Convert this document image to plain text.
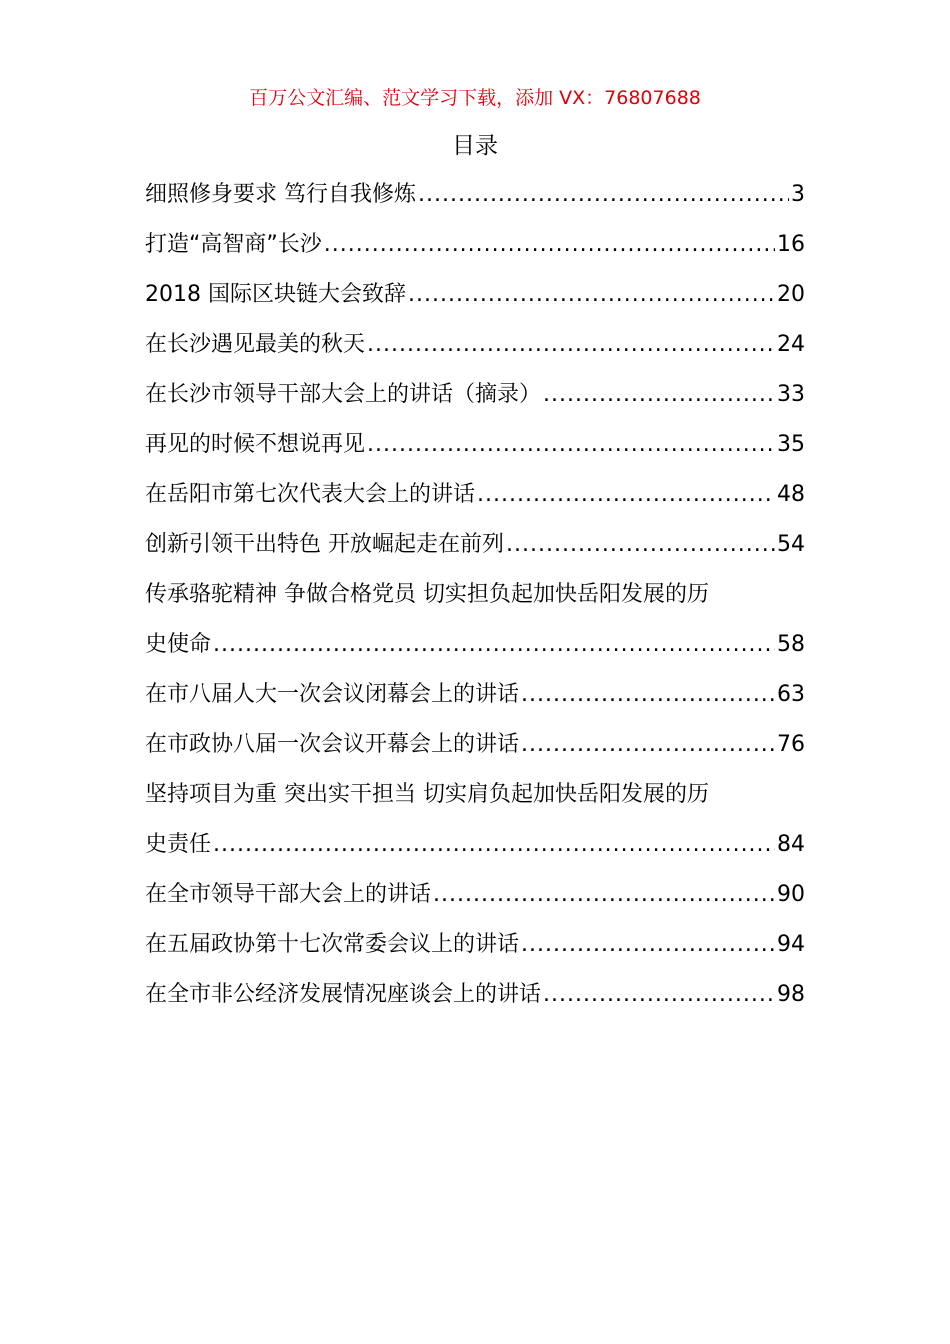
百万公文汇编、范文学习下载，添加 VX：76807688
目录
细照修身要求 笃行自我修炼 .....	3
打造“高智商”长沙 .....	16
2018 国际区块链大会致辞 .....	20
在长沙遇见最美的秋天 .....	24
在长沙市领导干部大会上的讲话（摘录） .....	33
再见的时候不想说再见 .....	35
在岳阳市第七次代表大会上的讲话 .....	48
创新引领干出特色 开放崛起走在前列 .....	54
传承骆驼精神 争做合格党员 切实担负起加快岳阳发展的历
史使命 .....	58
在市八届人大一次会议闭幕会上的讲话 .....	63
在市政协八届一次会议开幕会上的讲话 .....	76
坚持项目为重 突出实干担当 切实肩负起加快岳阳发展的历
史责任 .....	84
在全市领导干部大会上的讲话 .....	90
在五届政协第十七次常委会议上的讲话 .....	94
在全市非公经济发展情况座谈会上的讲话 .....	98
